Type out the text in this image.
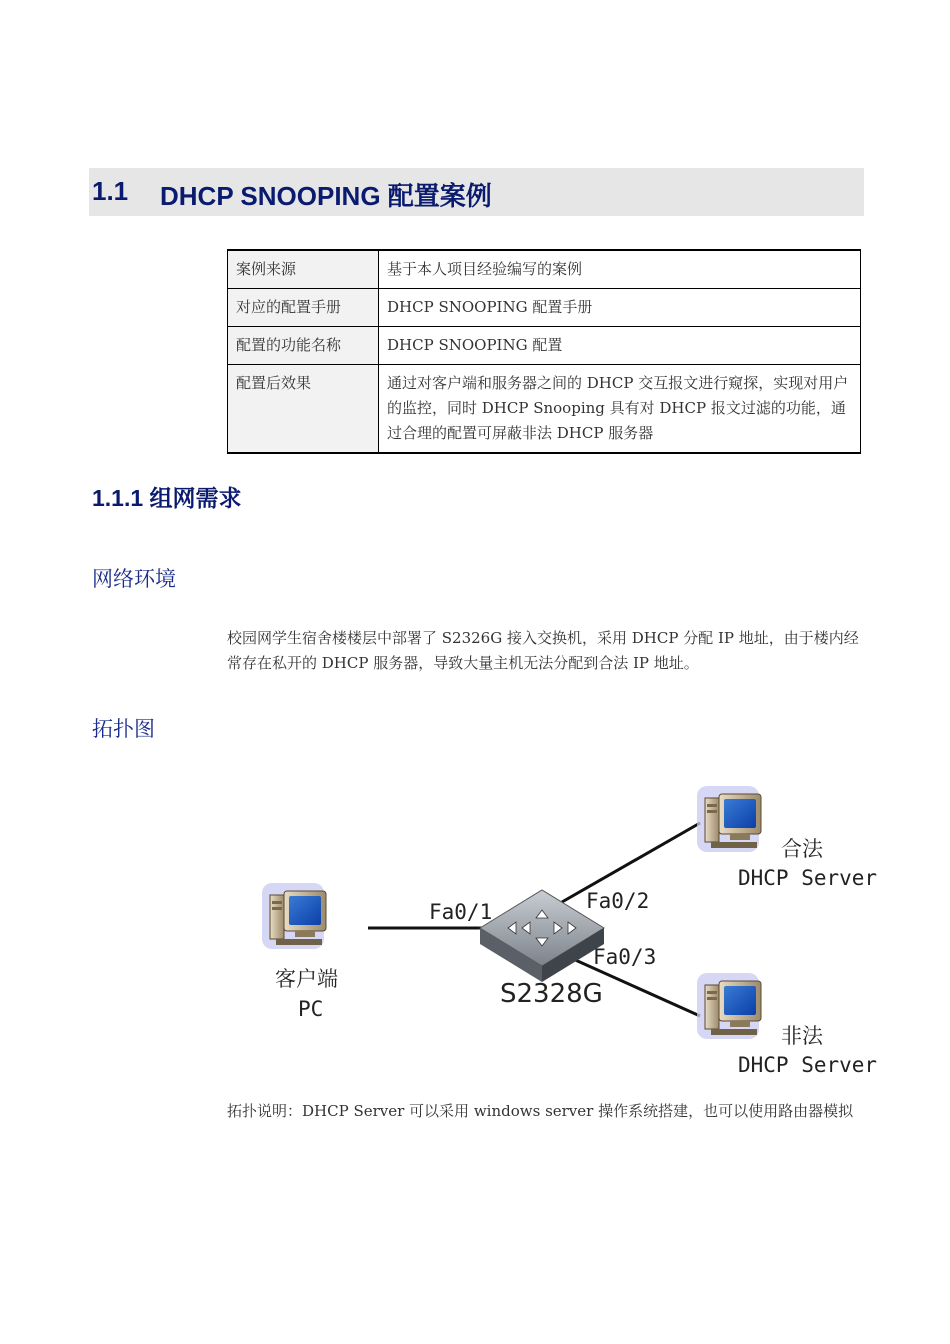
1.1 DHCP SNOOPING 配置案例
案例来源	基于本人项目经验编写的案例
对应的配置手册	DHCP SNOOPING 配置手册
配置的功能名称	DHCP SNOOPING 配置
配置后效果	通过对客户端和服务器之间的 DHCP 交互报文进行窥探，实现对用户的监控，同时 DHCP Snooping 具有对 DHCP 报文过滤的功能，通过合理的配置可屏蔽非法 DHCP 服务器
1.1.1 组网需求
网络环境
校园网学生宿舍楼楼层中部署了 S2326G 接入交换机，采用 DHCP 分配 IP 地址，由于楼内经常存在私开的 DHCP 服务器，导致大量主机无法分配到合法 IP 地址。
拓扑图
Fa0/1	Fa0/2
Fa0/3
S2328G
客户端
PC
合法
DHCP Server
非法
DHCP Server
拓扑说明：DHCP Server 可以采用 windows server 操作系统搭建，也可以使用路由器模拟
